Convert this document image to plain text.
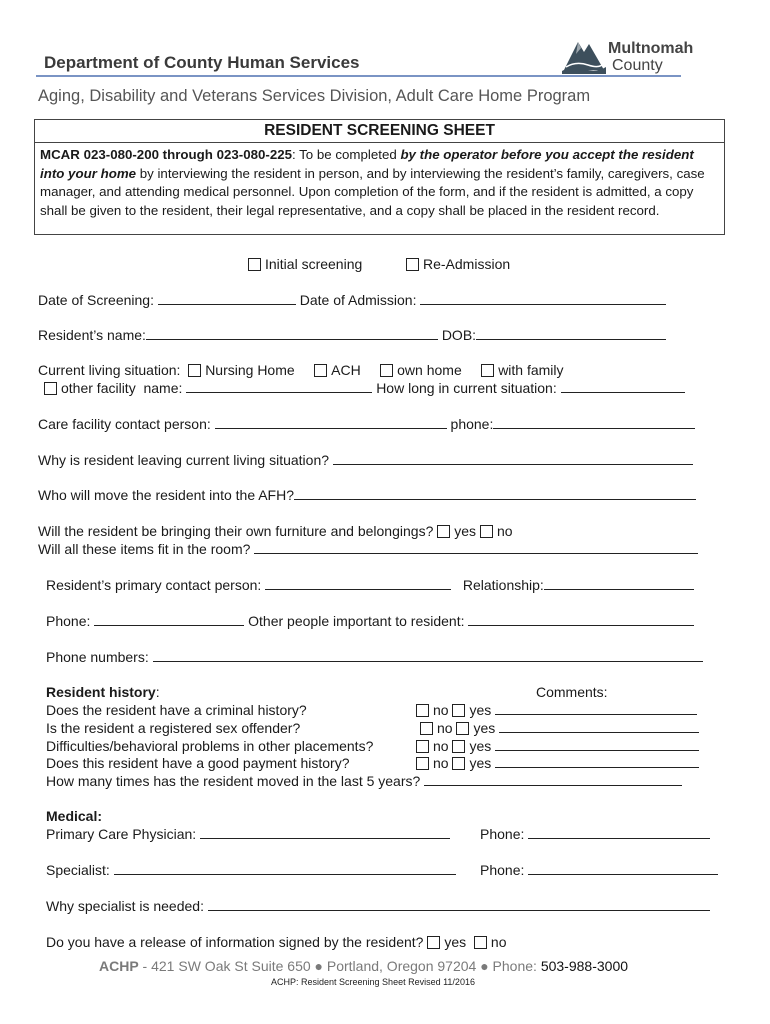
Department of County Human Services
Multnomah
County
Aging, Disability and Veterans Services Division, Adult Care Home Program
RESIDENT SCREENING SHEET
MCAR 023-080-200 through 023-080-225: To be completed by the operator before you accept the resident into your home by interviewing the resident in person, and by interviewing the resident’s family, caregivers, case manager, and attending medical personnel. Upon completion of the form, and if the resident is admitted, a copy shall be given to the resident, their legal representative, and a copy shall be placed in the resident record.
Initial screening	Re-Admission
Date of Screening:	Date of Admission:
Resident’s name:	DOB:
Current living situation: Nursing Home	ACH	own home	with family
other facility name:	How long in current situation:
Care facility contact person:	phone:
Why is resident leaving current living situation?
Who will move the resident into the AFH?
Will the resident be bringing their own furniture and belongings? yes no
Will all these items fit in the room?
Resident’s primary contact person:	Relationship:
Phone:	Other people important to resident:
Phone numbers:
Resident history:	Comments:
Does the resident have a criminal history?	no yes
Is the resident a registered sex offender?	no yes
Difficulties/behavioral problems in other placements?	no yes
Does this resident have a good payment history?	no yes
How many times has the resident moved in the last 5 years?
Medical:
Primary Care Physician:	Phone:
Specialist:	Phone:
Why specialist is needed:
Do you have a release of information signed by the resident? yes no
ACHP - 421 SW Oak St Suite 650 ● Portland, Oregon 97204 ● Phone: 503-988-3000
ACHP: Resident Screening Sheet Revised 11/2016
